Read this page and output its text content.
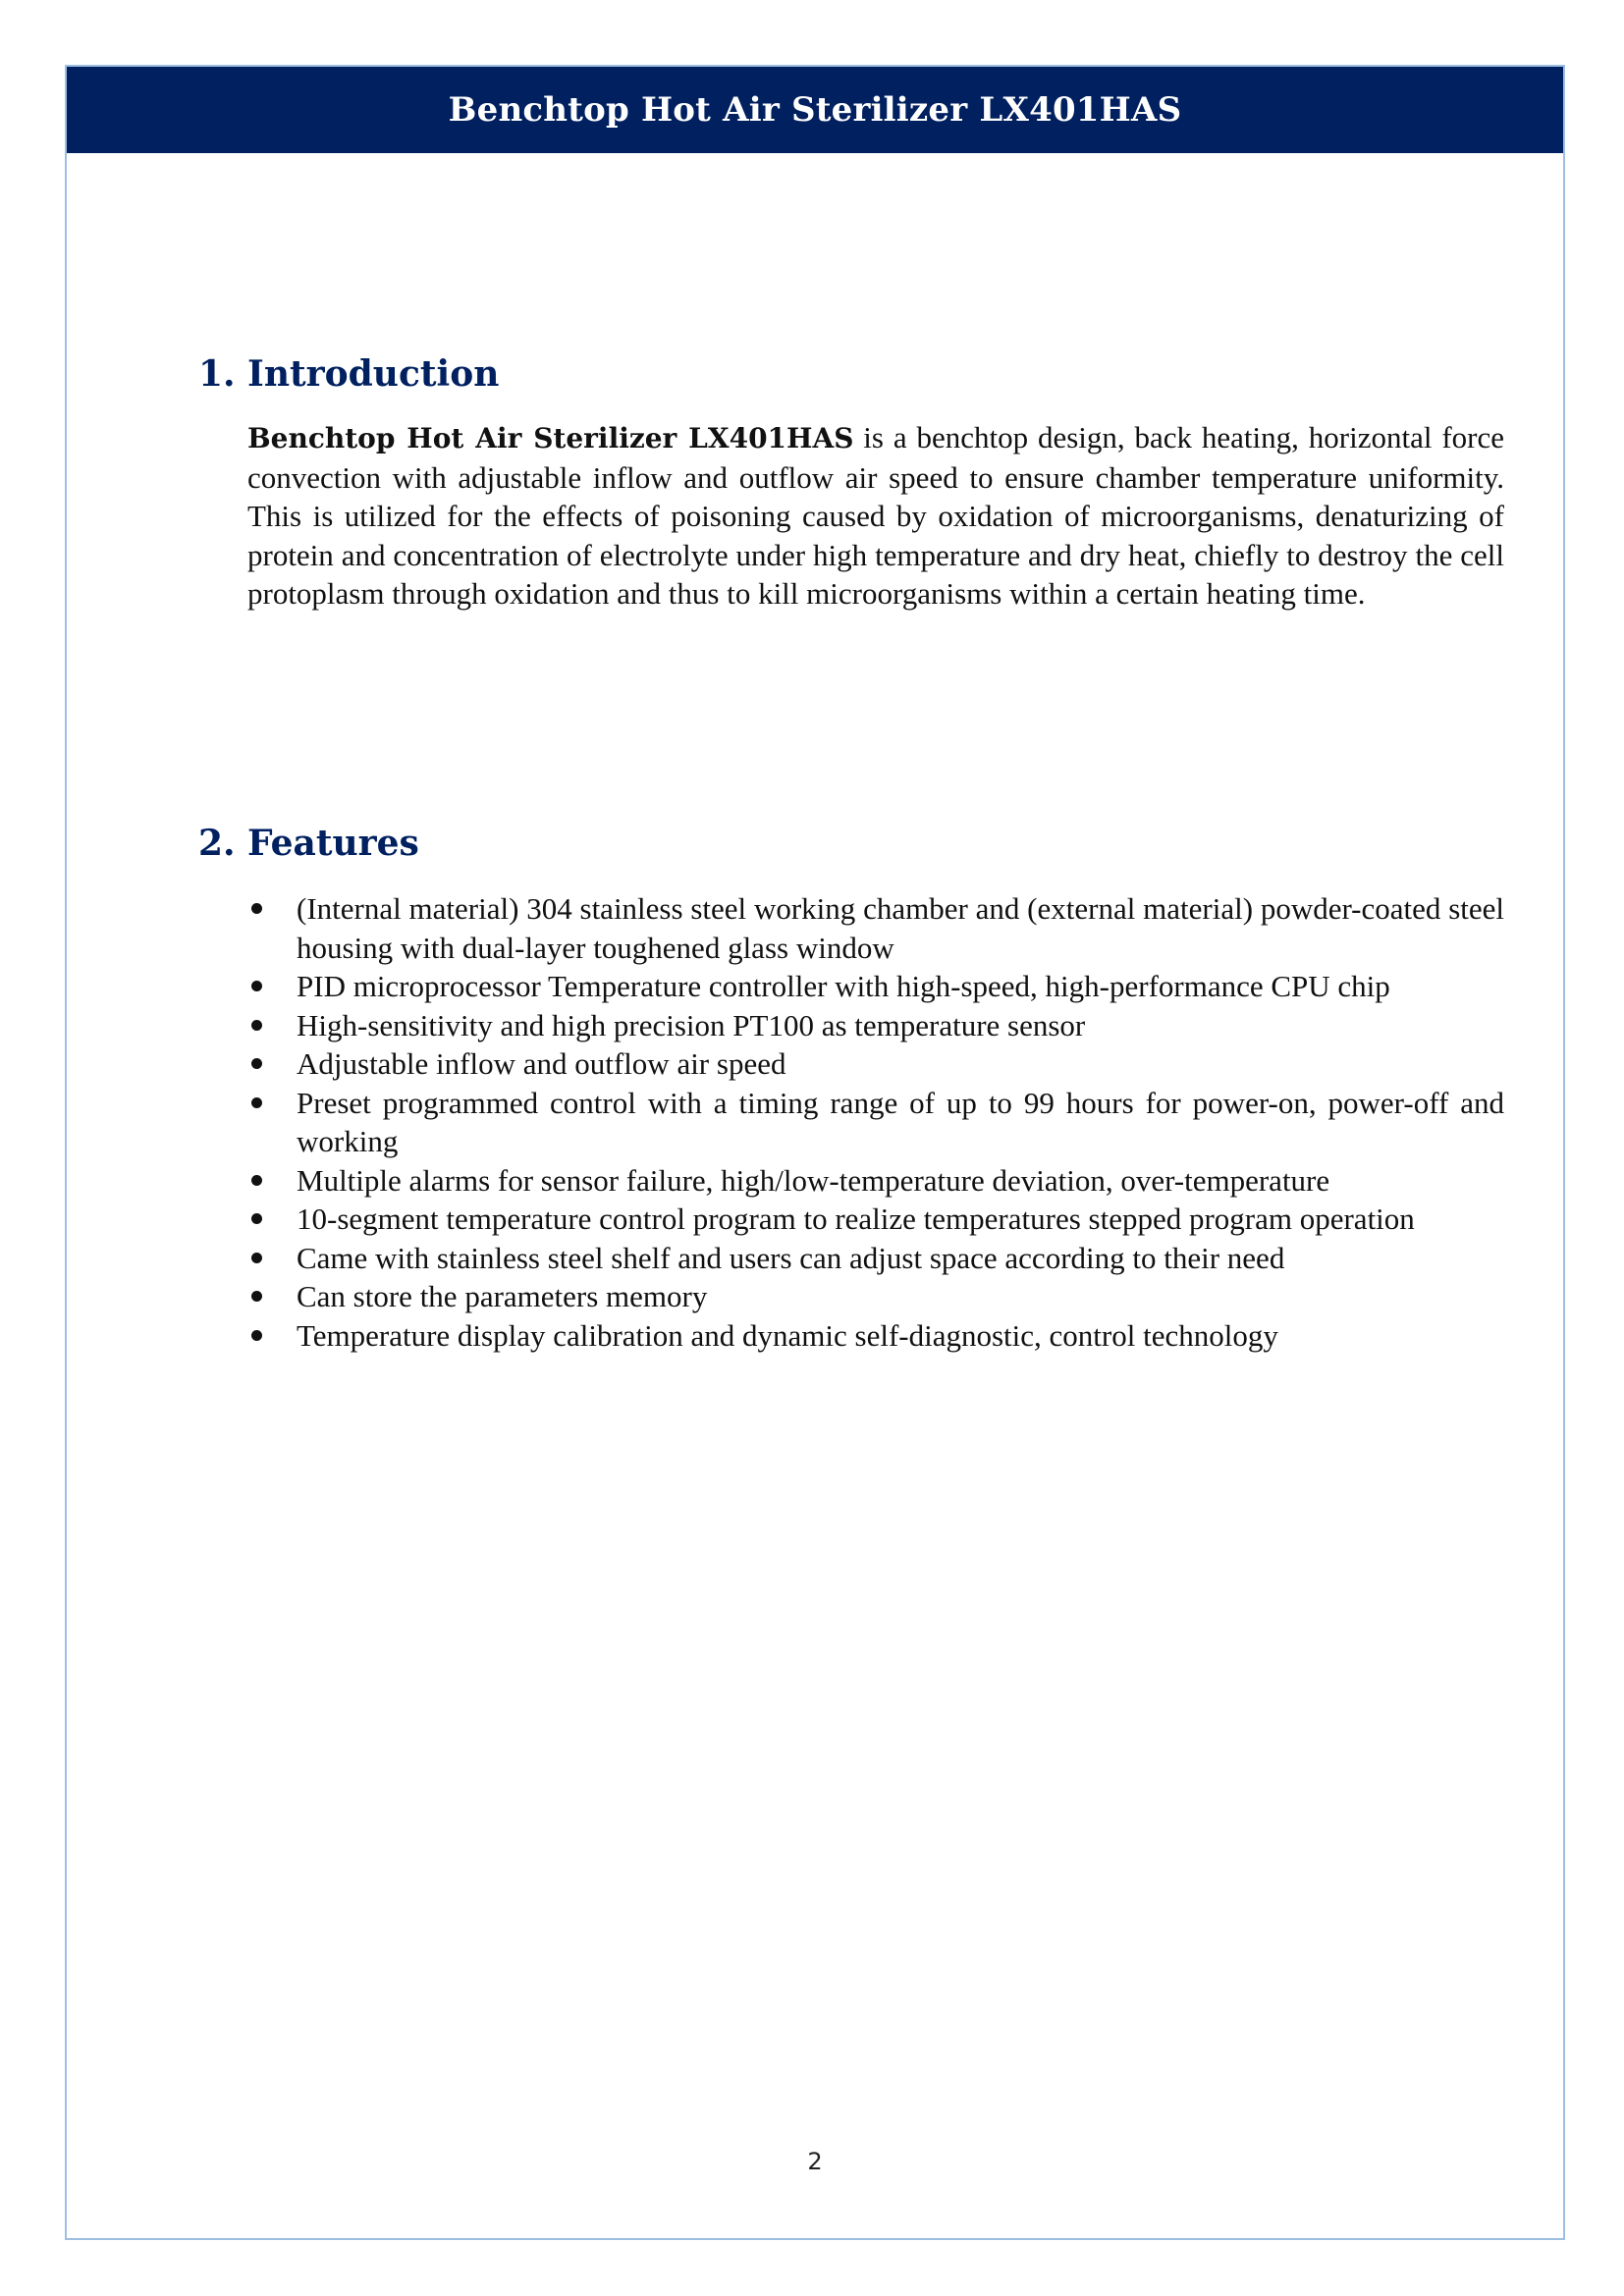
Benchtop Hot Air Sterilizer LX401HAS
1. Introduction

Benchtop Hot Air Sterilizer LX401HAS is a benchtop design, back heating, horizontal force convection with adjustable inflow and outflow air speed to ensure chamber temperature uniformity. This is utilized for the effects of poisoning caused by oxidation of microorganisms, denaturizing of protein and concentration of electrolyte under high temperature and dry heat, chiefly to destroy the cell protoplasm through oxidation and thus to kill microorganisms within a certain heating time.

2. Features
(Internal material) 304 stainless steel working chamber and (external material) powder-coated steel housing with dual-layer toughened glass window
PID microprocessor Temperature controller with high-speed, high-performance CPU chip
High-sensitivity and high precision PT100 as temperature sensor
Adjustable inflow and outflow air speed
Preset programmed control with a timing range of up to 99 hours for power-on, power-off and working
Multiple alarms for sensor failure, high/low-temperature deviation, over-temperature
10-segment temperature control program to realize temperatures stepped program operation
Came with stainless steel shelf and users can adjust space according to their need
Can store the parameters memory
Temperature display calibration and dynamic self-diagnostic, control technology
2
